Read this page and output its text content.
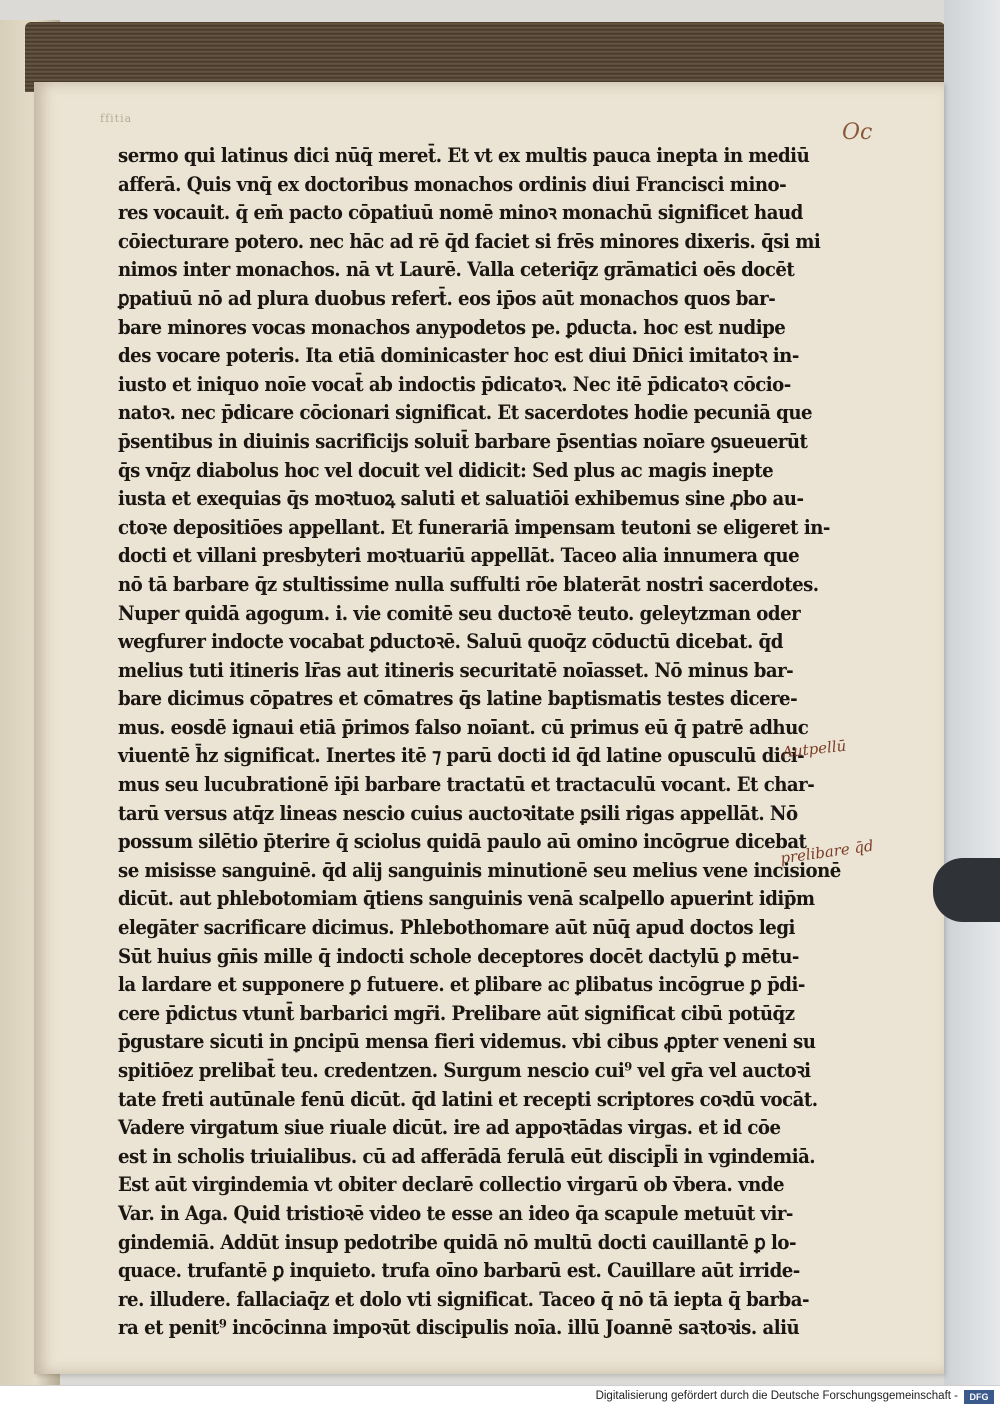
ffitia
Oc
sermo qui latinus dici nūq̄ meret̄. Et vt ex multis pauca inepta in mediū
afferā. Quis vnq̄ ex doctoribus monachos ordinis diui Francisci mino-
res vocauit. q̄ em̄ pacto cōpatiuū nomē minoꝛ monachū significet haud
cōiecturare potero. nec hāc ad rē q̄d faciet si frēs minores dixeris. q̄si mi
nimos inter monachos. nā vt Laurē. Valla ceteriq̄z grāmatici oēs docēt
ꝑpatiuū nō ad plura duobus refert̄. eos ip̄os aūt monachos quos bar-
bare minores vocas monachos anypodetos pe. ꝑducta. hoc est nudipe
des vocare poteris. Ita etiā dominicaster hoc est diui Dn̄ici imitatoꝛ in-
iusto et iniquo noīe vocat̄ ab indoctis p̄dicatoꝛ. Nec itē p̄dicatoꝛ cōcio-
natoꝛ. nec p̄dicare cōcionari significat. Et sacerdotes hodie pecuniā que
p̄sentibus in diuinis sacrificijs soluit̄ barbare p̄sentias noīare ꝯsueuerūt
q̄s vnq̄z diabolus hoc vel docuit vel didicit: Sed plus ac magis inepte
iusta et exequias q̄s moꝛtuoꝝ saluti et saluatiōi exhibemus sine ꝓbo au-
ctoꝛe depositiōes appellant. Et funerariā impensam teutoni se eligeret in-
docti et villani presbyteri moꝛtuariū appellāt. Taceo alia innumera que
nō tā barbare q̄z stultissime nulla suffulti rōe blaterāt nostri sacerdotes.
Nuper quidā agogum. i. vie comitē seu ductoꝛē teuto. geleytzman oder
wegfurer indocte vocabat ꝑductoꝛē. Saluū quoq̄z cōductū dicebat. q̄d
melius tuti itineris lr̄as aut itineris securitatē noīasset. Nō minus bar-
bare dicimus cōpatres et cōmatres q̄s latine baptismatis testes dicere-
mus. eosdē ignaui etiā p̄rimos falso noīant. cū primus eū q̄ patrē adhuc
viuentē h̄z significat. Inertes itē ⁊ parū docti id q̄d latine opusculū dici-
mus seu lucubrationē ip̄i barbare tractatū et tractaculū vocant. Et char-
tarū versus atq̄z lineas nescio cuius auctoꝛitate ꝑsili rigas appellāt. Nō
possum silētio p̄terire q̄ sciolus quidā paulo aū omino incōgrue dicebat
se misisse sanguinē. q̄d alij sanguinis minutionē seu melius vene incisionē
dicūt. aut phlebotomiam q̄tiens sanguinis venā scalpello apuerint idip̄m
elegāter sacrificare dicimus. Phlebothomare aūt nūq̄ apud doctos legi
Sūt huius gn̄is mille q̄ indocti schole deceptores docēt dactylū ꝑ mētu-
la lardare et supponere ꝑ futuere. et ꝑlibare ac ꝑlibatus incōgrue ꝑ p̄di-
cere p̄dictus vtunt̄ barbarici mgr̄i. Prelibare aūt significat cibū potūq̄z
p̄gustare sicuti in ꝑncipū mensa fieri videmus. vbi cibus ꝓpter veneni su
spitiōez prelibat̄ teu. credentzen. Surgum nescio cui⁹ vel gr̄a vel auctoꝛi
tate freti autūnale fenū dicūt. q̄d latini et recepti scriptores coꝛdū vocāt.
Vadere virgatum siue riuale dicūt. ire ad appoꝛtādas virgas. et id cōe
est in scholis triuialibus. cū ad afferādā ferulā eūt discipl̄i in vgindemiā.
Est aūt virgindemia vt obiter declarē collectio virgarū ob v̄bera. vnde
Var. in Aga. Quid tristioꝛē video te esse an ideo q̄a scapule metuūt vir-
gindemiā. Addūt insup pedotribe quidā nō multū docti cauillantē ꝑ lo-
quace. trufantē ꝑ inquieto. trufa oīno barbarū est. Cauillare aūt irride-
re. illudere. fallaciaq̄z et dolo vti significat. Taceo q̄ nō tā iepta q̄ barba-
ra et penit⁹ incōcinna impoꝛūt discipulis noīa. illū Joannē saꝛtoꝛis. aliū
Autpellū
prelibare q̄d
Digitalisierung gefördert durch die Deutsche Forschungsgemeinschaft -	DFG
